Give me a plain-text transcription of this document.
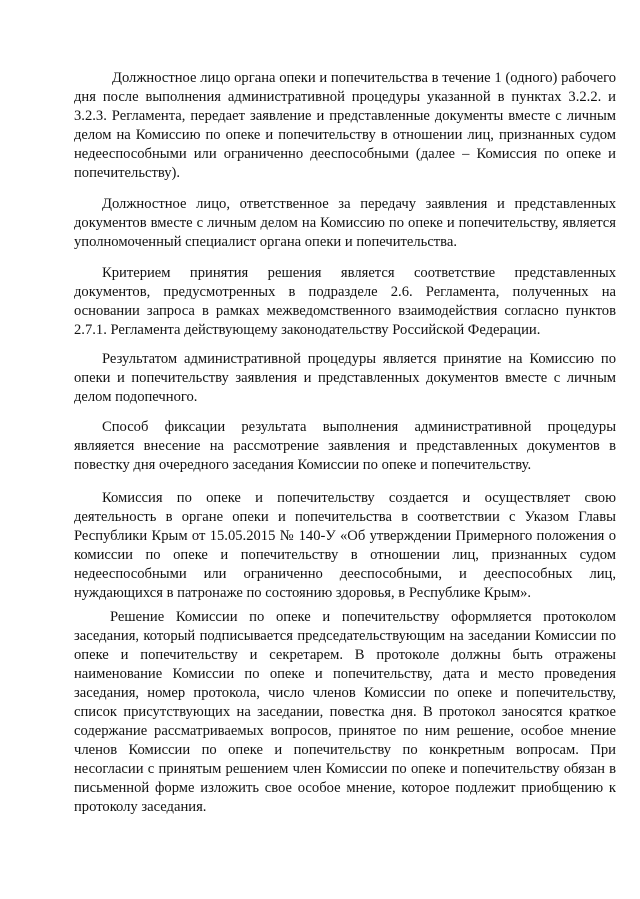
Должностное лицо органа опеки и попечительства в течение 1 (одного) рабочего дня после выполнения административной процедуры указанной в пунктах 3.2.2. и 3.2.3. Регламента, передает заявление и представленные документы вместе с личным делом на Комиссию по опеке и попечительству в отношении лиц, признанных судом недееспособными или ограниченно дееспособными (далее – Комиссия по опеке и попечительству).

Должностное лицо, ответственное за передачу заявления и представленных документов вместе с личным делом на Комиссию по опеке и попечительству, является уполномоченный специалист органа опеки и попечительства.

Критерием принятия решения является соответствие представленных документов, предусмотренных в подразделе 2.6. Регламента, полученных на основании запроса в рамках межведомственного взаимодействия согласно пунктов 2.7.1. Регламента действующему законодательству Российской Федерации.

Результатом административной процедуры является принятие на Комиссию по опеки и попечительству заявления и представленных документов вместе с личным делом подопечного.

Способ фиксации результата выполнения административной процедуры являяется внесение на рассмотрение заявления и представленных документов в повестку дня очередного заседания Комиссии по опеке и попечительству.

Комиссия по опеке и попечительству создается и осуществляет свою деятельность в органе опеки и попечительства в соответствии с Указом Главы Республики Крым от 15.05.2015 № 140-У «Об утверждении Примерного положения о комиссии по опеке и попечительству в отношении лиц, признанных судом недееспособными или ограниченно дееспособными, и дееспособных лиц, нуждающихся в патронаже по состоянию здоровья, в Республике Крым».

Решение Комиссии по опеке и попечительству оформляется протоколом заседания, который подписывается председательствующим на заседании Комиссии по опеке и попечительству и секретарем. В протоколе должны быть отражены наименование Комиссии по опеке и попечительству, дата и место проведения заседания, номер протокола, число членов Комиссии по опеке и попечительству, список присутствующих на заседании, повестка дня. В протокол заносятся краткое содержание рассматриваемых вопросов, принятое по ним решение, особое мнение членов Комиссии по опеке и попечительству по конкретным вопросам. При несогласии с принятым решением член Комиссии по опеке и попечительству обязан в письменной форме изложить свое особое мнение, которое подлежит приобщению к протоколу заседания.
